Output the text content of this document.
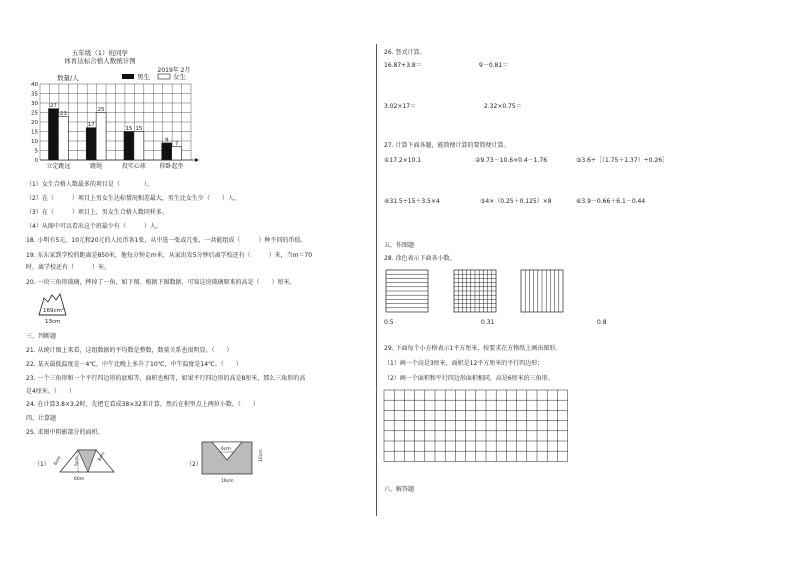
五年级（1）班同学
体育达标合格人数统计图
2019年 2月
数量/人	男生	女生
0
5
10
15
20
25
30
35
40
27
23
17
25
15 15
9
7
立定跳远	跳绳	投实心球 仰卧起坐
（1）女生合格人数最多的项目是（　　　　）。
（2）在（　　　）项目上男女生达标情况相差最大，男生比女生少（　　）人。
（3）在（　　　）项目上，男女生合格人数同样多。
（4）从图中可以看出这个班最少有（　　　）人。
18. 小明有5元、10元和20元的人民币各1张，从中选一张或几张，一共能组成（　　　）种不同的币值。
19. 东东家到学校的距离是850米，他每分钟走m米，从家出发5分钟后离学校还有（　　　）米，当m＝70
时，离学校还有（　　　）米。
20. 一块三角形玻璃，摔掉了一角，如下图。根据下图数据，可知这块玻璃原来的高是（　　）厘米。
169cm²
13cm
三、判断题
21. 从统计图上来看，这组数据的平均数是整数，数量关系也很明显。（　　）
22. 某天最低温度是－4℃，中午比晚上多升了10℃，中午温度是14℃。（　　）
23. 一个三角形和一个平行四边形的底相等，面积也相等，如果平行四边形的高是8厘米，那么三角形的高
是4厘米。（　　）
24. 在计算3.8×3.2时，先把它看成38×32来计算，然后在积里点上两位小数。（　　）
四、计算题
25. 求图中阴影部分的面积。
（1） 6cm	5cm	8cm
60m
（2）
6cm	10cm
16cm
26. 竖式计算。
16.87+3.8＝	9－0.81＝
3.02×17＝	2.32×0.75＝
27. 计算下面各题，能简便计算的要简便计算。
①17.2×10.1	②9.73－10.6×0.4－1.76	③3.6÷［（1.75＋1.37）÷0.26］
④31.5÷15＋3.5×4	⑤4×（0.25＋0.125）×8	⑥3.9－0.66＋6.1－0.44
五、作图题
28. 涂色表示下面各小数。
0.5	0.31	0.8
29. 下面每个小方格表示1平方厘米，按要求在方格纸上画出图形。
（1）画一个高是3厘米，面积是12平方厘米的平行四边形；
（2）画一个面积和平行四边形面积相同，高是6厘米的三角形。
六、解答题
